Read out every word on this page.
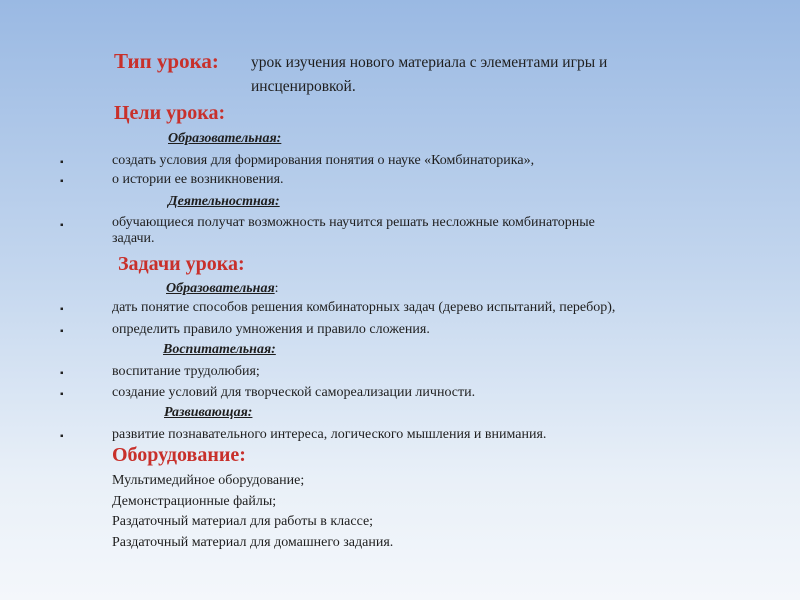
Тип урока: урок изучения нового материала с элементами игры и
инсценировкой.
Цели урока:
Образовательная:
▪	создать условия для формирования понятия о науке «Комбинаторика»,
▪	о истории ее возникновения.
Деятельностная:
▪	обучающиеся получат возможность научится решать несложные комбинаторные
задачи.
Задачи урока:
Образовательная:
▪	дать понятие способов решения комбинаторных задач (дерево испытаний, перебор),
▪	определить правило умножения и правило сложения.
Воспитательная:
▪	воспитание трудолюбия;
▪	создание условий для творческой самореализации личности.
Развивающая:
▪	развитие познавательного интереса, логического мышления и внимания.
Оборудование:
Мультимедийное оборудование;
Демонстрационные файлы;
Раздаточный материал для работы в классе;
Раздаточный материал для домашнего задания.
